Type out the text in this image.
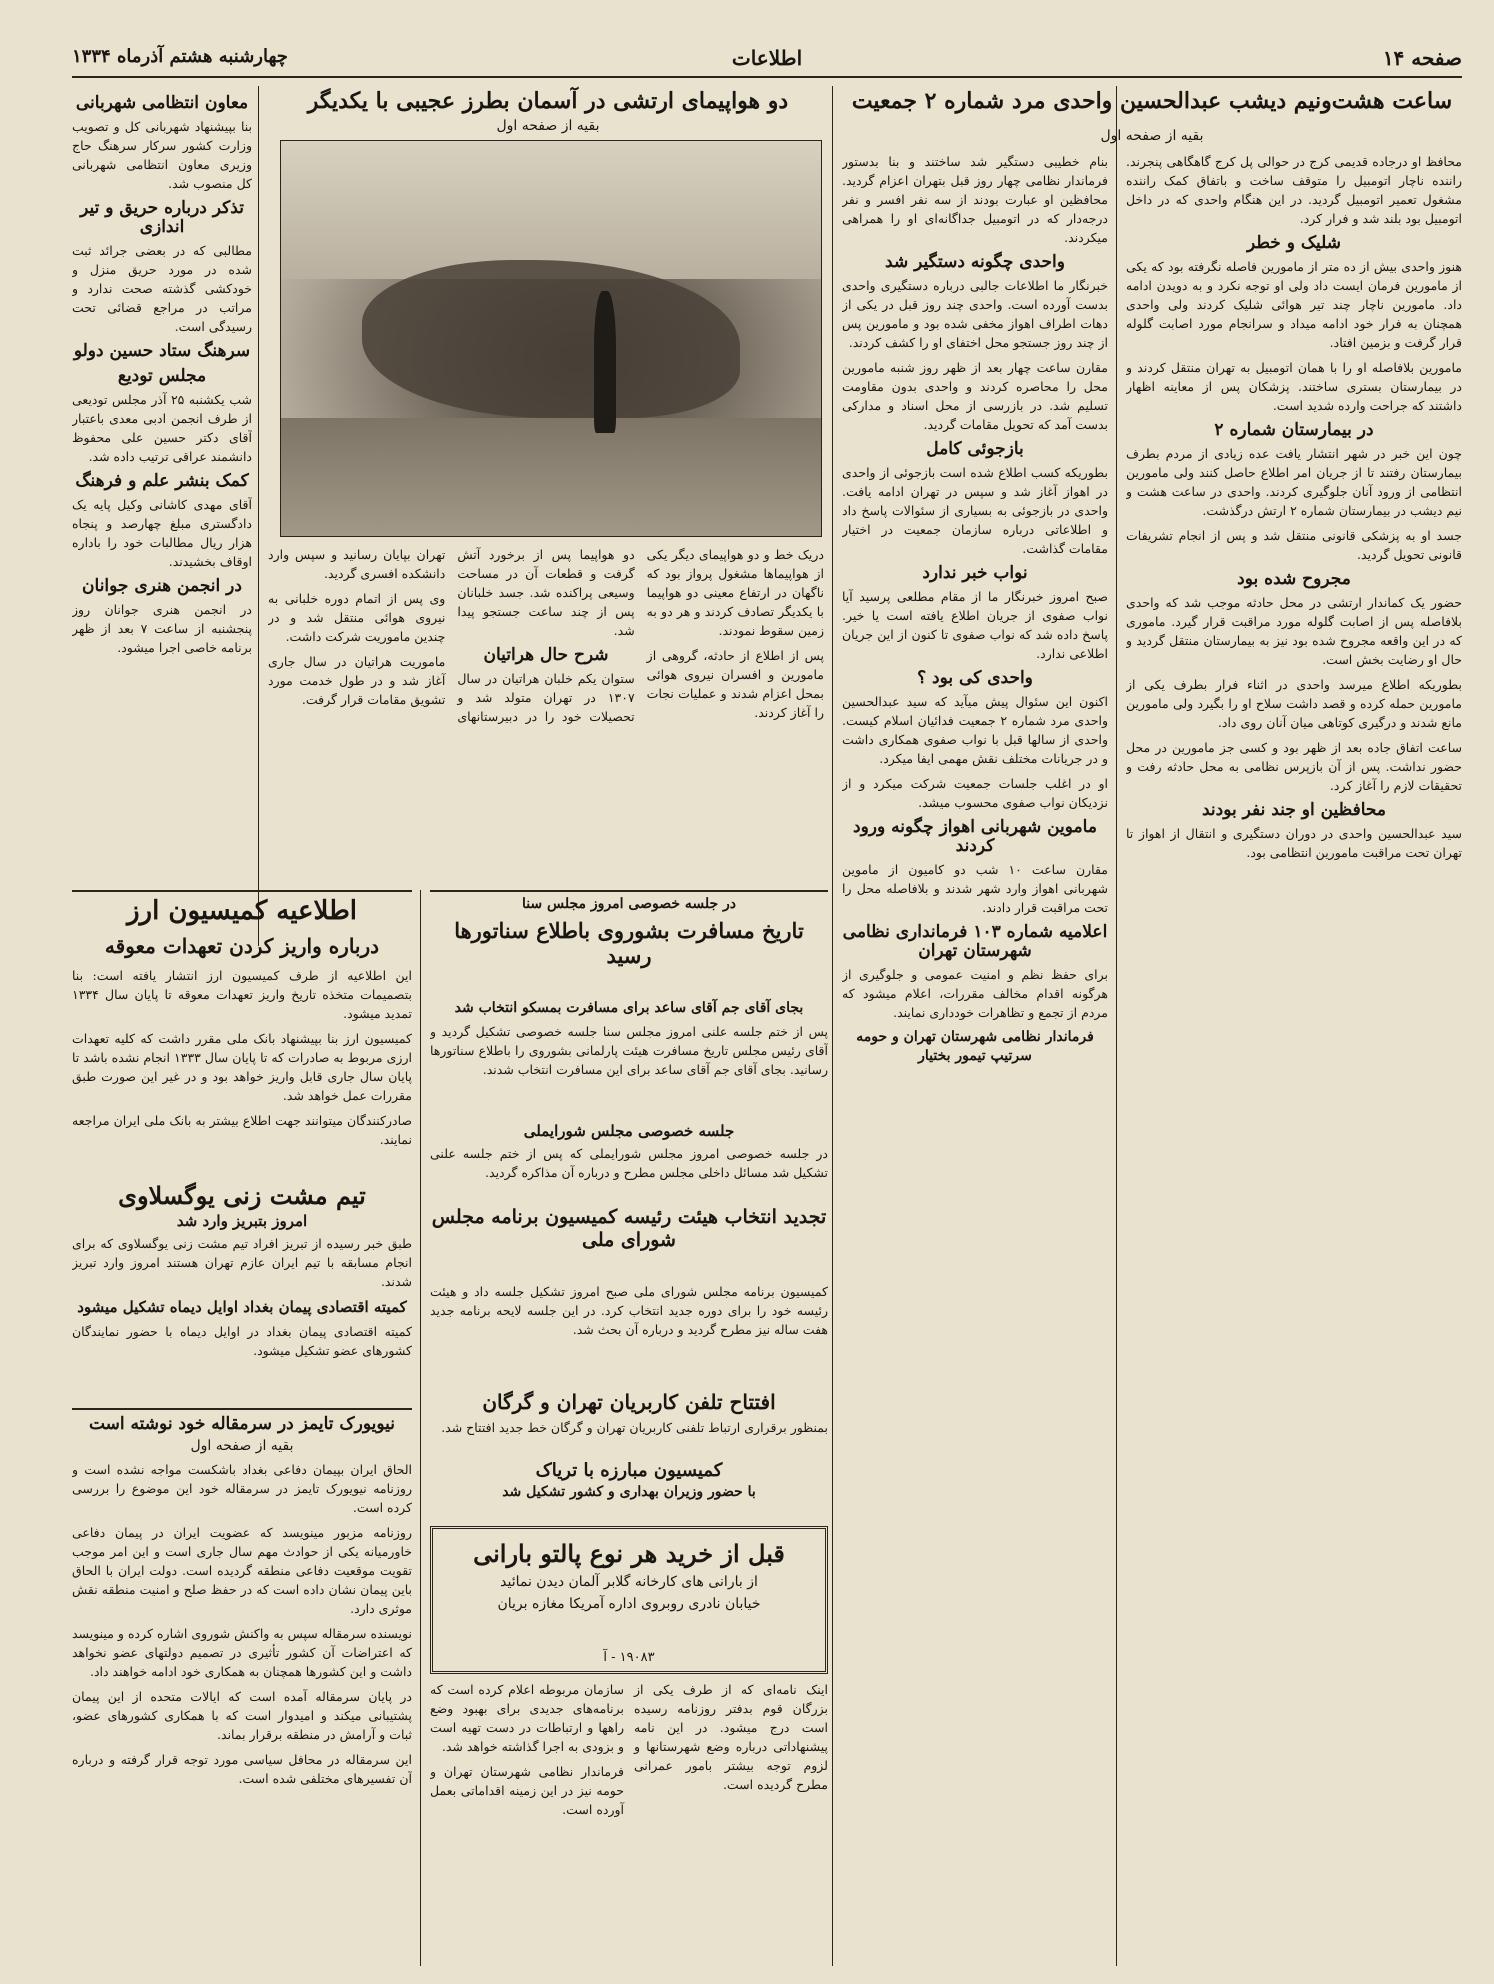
صفحه ۱۴
اطلاعات
چهارشنبه هشتم آذرماه ۱۳۳۴
ساعت هشت‌ونیم دیشب عبدالحسین واحدی مرد شماره ۲ جمعیت
بقیه از صفحه اول

محافظ او درجاده قدیمی کرج در حوالی پل کرج گاهگاهی پنجرند. راننده ناچار اتومبیل را متوقف ساخت و باتفاق کمک راننده مشغول تعمیر اتومبیل گردید. در این هنگام واحدی که در داخل اتومبیل بود بلند شد و فرار کرد.

شلیک و خطر

هنوز واحدی بیش از ده متر از مامورین فاصله نگرفته بود که یکی از مامورین فرمان ایست داد ولی او توجه نکرد و به دویدن ادامه داد. مامورین ناچار چند تیر هوائی شلیک کردند ولی واحدی همچنان به فرار خود ادامه میداد و سرانجام مورد اصابت گلوله قرار گرفت و بزمین افتاد.

مامورین بلافاصله او را با همان اتومبیل به تهران منتقل کردند و در بیمارستان بستری ساختند. پزشکان پس از معاینه اظهار داشتند که جراحت وارده شدید است.

در بیمارستان شماره ۲

چون این خبر در شهر انتشار یافت عده زیادی از مردم بطرف بیمارستان رفتند تا از جریان امر اطلاع حاصل کنند ولی مامورین انتظامی از ورود آنان جلوگیری کردند. واحدی در ساعت هشت و نیم دیشب در بیمارستان شماره ۲ ارتش درگذشت.

جسد او به پزشکی قانونی منتقل شد و پس از انجام تشریفات قانونی تحویل گردید.

مجروح شده بود

حضور یک کماندار ارتشی در محل حادثه موجب شد که واحدی بلافاصله پس از اصابت گلوله مورد مراقبت قرار گیرد. ماموری که در این واقعه مجروح شده بود نیز به بیمارستان منتقل گردید و حال او رضایت بخش است.

بطوریکه اطلاع میرسد واحدی در اثناء فرار بطرف یکی از مامورین حمله کرده و قصد داشت سلاح او را بگیرد ولی مامورین مانع شدند و درگیری کوتاهی میان آنان روی داد.

ساعت اتفاق جاده بعد از ظهر بود و کسی جز مامورین در محل حضور نداشت. پس از آن بازپرس نظامی به محل حادثه رفت و تحقیقات لازم را آغاز کرد.

محافظین او جند نفر بودند

سید عبدالحسین واحدی در دوران دستگیری و انتقال از اهواز تا تهران تحت مراقبت مامورین انتظامی بود.

بنام خطیبی دستگیر شد ساختند و بنا بدستور فرماندار نظامی چهار روز قبل بتهران اعزام گردید. محافظین او عبارت بودند از سه نفر افسر و نفر درجه‌دار که در اتومبیل جداگانه‌ای او را همراهی میکردند.

واحدی چگونه دستگیر شد

خبرنگار ما اطلاعات جالبی درباره دستگیری واحدی بدست آورده است. واحدی چند روز قبل در یکی از دهات اطراف اهواز مخفی شده بود و مامورین پس از چند روز جستجو محل اختفای او را کشف کردند.

مقارن ساعت چهار بعد از ظهر روز شنبه مامورین محل را محاصره کردند و واحدی بدون مقاومت تسلیم شد. در بازرسی از محل اسناد و مدارکی بدست آمد که تحویل مقامات گردید.

بازجوئی کامل

بطوریکه کسب اطلاع شده است بازجوئی از واحدی در اهواز آغاز شد و سپس در تهران ادامه یافت. واحدی در بازجوئی به بسیاری از سئوالات پاسخ داد و اطلاعاتی درباره سازمان جمعیت در اختیار مقامات گذاشت.

نواب‌ خبر ندارد

صبح امروز خبرنگار ما از مقام مطلعی پرسید آیا نواب صفوی از جریان اطلاع یافته است یا خیر. پاسخ داده شد که نواب صفوی تا کنون از این جریان اطلاعی ندارد.

واحدی کی بود ؟

اکنون این سئوال پیش میآید که سید عبدالحسین واحدی مرد شماره ۲ جمعیت فدائیان اسلام کیست. واحدی از سالها قبل با نواب صفوی همکاری داشت و در جریانات مختلف نقش مهمی ایفا میکرد.

او در اغلب جلسات جمعیت شرکت میکرد و از نزدیکان نواب صفوی محسوب میشد.

ماموین شهربانی اهواز چگونه ورود کردند

مقارن ساعت ۱۰ شب دو کامیون از ماموین شهربانی اهواز وارد شهر شدند و بلافاصله محل را تحت مراقبت قرار دادند.

اعلامیه شماره ۱۰۳ فرمانداری نظامی شهرستان تهران

برای حفظ نظم و امنیت عمومی و جلوگیری از هرگونه اقدام مخالف مقررات، اعلام میشود که مردم از تجمع و تظاهرات خودداری نمایند.

فرماندار نظامی شهرستان تهران و حومه سرتیپ تیمور بختیار

دو هواپیمای ارتشی در آسمان بطرز عجیبی با یکدیگر
بقیه از صفحه اول

دریک خط و دو هواپیمای دیگر یکی از هواپیماها مشغول پرواز بود که ناگهان در ارتفاع معینی دو هواپیما با یکدیگر تصادف کردند و هر دو به زمین سقوط نمودند.

پس از اطلاع از حادثه، گروهی از مامورین و افسران نیروی هوائی بمحل اعزام شدند و عملیات نجات را آغاز کردند.

دو هواپیما پس از برخورد آتش گرفت و قطعات آن در مساحت وسیعی پراکنده شد. جسد خلبانان پس از چند ساعت جستجو پیدا شد.

شرح حال هراتیان

ستوان یکم خلبان هراتیان در سال ۱۳۰۷ در تهران متولد شد و تحصیلات خود را در دبیرستانهای تهران بپایان رسانید و سپس وارد دانشکده افسری گردید.

وی پس از اتمام دوره خلبانی به نیروی هوائی منتقل شد و در چندین ماموریت شرکت داشت.

ماموریت هراتیان در سال جاری آغاز شد و در طول خدمت مورد تشویق مقامات قرار گرفت.

معاون انتظامی شهربانی

بنا بپیشنهاد شهربانی کل و تصویب وزارت کشور سرکار سرهنگ حاج وزیری معاون انتظامی شهربانی کل منصوب شد.

تذکر درباره حریق و تیر اندازی

مطالبی که در بعضی جرائد ثبت شده در مورد حریق منزل و خودکشی گذشته صحت ندارد و مراتب در مراجع قضائی تحت رسیدگی است.

سرهنگ ستاد حسین دولو
مجلس تودیع

شب یکشنبه ۲۵ آذر مجلس تودیعی از طرف انجمن ادبی معدی باعتبار آقای دکتر حسین علی محفوظ دانشمند عراقی ترتیب داده شد.

کمک بنشر علم و فرهنگ

آقای مهدی کاشانی وکیل پایه یک دادگستری مبلغ چهارصد و پنجاه هزار ریال مطالبات خود را باداره اوقاف بخشیدند.

در انجمن هنری جوانان

در انجمن هنری جوانان روز پنجشنبه از ساعت ۷ بعد از ظهر برنامه خاصی اجرا میشود.

در جلسه خصوصی امروز مجلس سنا
تاریخ مسافرت بشوروی باطلاع سناتورها رسید
بجای آقای جم آقای ساعد برای مسافرت بمسکو انتخاب شد

پس از ختم جلسه علنی امروز مجلس سنا جلسه خصوصی تشکیل گردید و آقای رئیس مجلس تاریخ مسافرت هیئت پارلمانی بشوروی را باطلاع سناتورها رسانید. بجای آقای جم آقای ساعد برای این مسافرت انتخاب شدند.

جلسه خصوصی مجلس شورایملی

در جلسه خصوصی امروز مجلس شورایملی که پس از ختم جلسه علنی تشکیل شد مسائل داخلی مجلس مطرح و درباره آن مذاکره گردید.

تجدید انتخاب هیئت رئیسه کمیسیون برنامه مجلس شورای ملی

کمیسیون برنامه مجلس شورای ملی صبح امروز تشکیل جلسه داد و هیئت رئیسه خود را برای دوره جدید انتخاب کرد. در این جلسه لایحه برنامه جدید هفت ساله نیز مطرح گردید و درباره آن بحث شد.

افتتاح تلفن کاربریان تهران و گرگان

بمنظور برقراری ارتباط تلفنی کاربریان تهران و گرگان خط جدید افتتاح شد.

کمیسیون مبارزه با تریاک
با حضور وزیران بهداری و کشور تشکیل شد
قبل از خرید هر نوع پالتو بارانی
از بارانی های کارخانه گلابر آلمان دیدن نمائید
خیابان نادری روبروی اداره آمریکا مغازه بریان
۱۹۰۸۳ - آ

اینک نامه‌ای که از طرف یکی از بزرگان قوم بدفتر روزنامه رسیده است درج میشود. در این نامه پیشنهاداتی درباره وضع شهرستانها و لزوم توجه بیشتر بامور عمرانی مطرح گردیده است.

سازمان مربوطه اعلام کرده است که برنامه‌های جدیدی برای بهبود وضع راهها و ارتباطات در دست تهیه است و بزودی به اجرا گذاشته خواهد شد.

فرماندار نظامی شهرستان تهران و حومه نیز در این زمینه اقداماتی بعمل آورده است.

اطلاعیه کمیسیون ارز
درباره واریز کردن تعهدات معوقه

این اطلاعیه از طرف کمیسیون ارز انتشار یافته است: بنا بتصمیمات متخذه تاریخ واریز تعهدات معوقه تا پایان سال ۱۳۳۴ تمدید میشود.

کمیسیون ارز بنا بپیشنهاد بانک ملی مقرر داشت که کلیه تعهدات ارزی مربوط به صادرات که تا پایان سال ۱۳۳۳ انجام نشده باشد تا پایان سال جاری قابل واریز خواهد بود و در غیر این صورت طبق مقررات عمل خواهد شد.

صادرکنندگان میتوانند جهت اطلاع بیشتر به بانک ملی ایران مراجعه نمایند.

تیم مشت زنی یوگسلاوی
امروز بتبریز وارد شد

طبق خبر رسیده از تبریز افراد تیم مشت زنی یوگسلاوی که برای انجام مسابقه با تیم ایران عازم تهران هستند امروز وارد تبریز شدند.

کمیته اقتصادی پیمان بغداد اوایل دیماه تشکیل میشود

کمیته اقتصادی پیمان بغداد در اوایل دیماه با حضور نمایندگان کشورهای عضو تشکیل میشود.

نیویورک تایمز در سرمقاله خود نوشته است
بقیه از صفحه اول

الحاق ایران بپیمان دفاعی بغداد باشکست مواجه نشده است و روزنامه نیویورک تایمز در سرمقاله خود این موضوع را بررسی کرده است.

روزنامه مزبور مینویسد که عضویت ایران در پیمان دفاعی خاورمیانه یکی از حوادث مهم سال جاری است و این امر موجب تقویت موقعیت دفاعی منطقه گردیده است. دولت ایران با الحاق باین پیمان نشان داده است که در حفظ صلح و امنیت منطقه نقش موثری دارد.

نویسنده سرمقاله سپس به واکنش شوروی اشاره کرده و مینویسد که اعتراضات آن کشور تأثیری در تصمیم دولتهای عضو نخواهد داشت و این کشورها همچنان به همکاری خود ادامه خواهند داد.

در پایان سرمقاله آمده است که ایالات متحده از این پیمان پشتیبانی میکند و امیدوار است که با همکاری کشورهای عضو، ثبات و آرامش در منطقه برقرار بماند.

این سرمقاله در محافل سیاسی مورد توجه قرار گرفته و درباره آن تفسیرهای مختلفی شده است.
